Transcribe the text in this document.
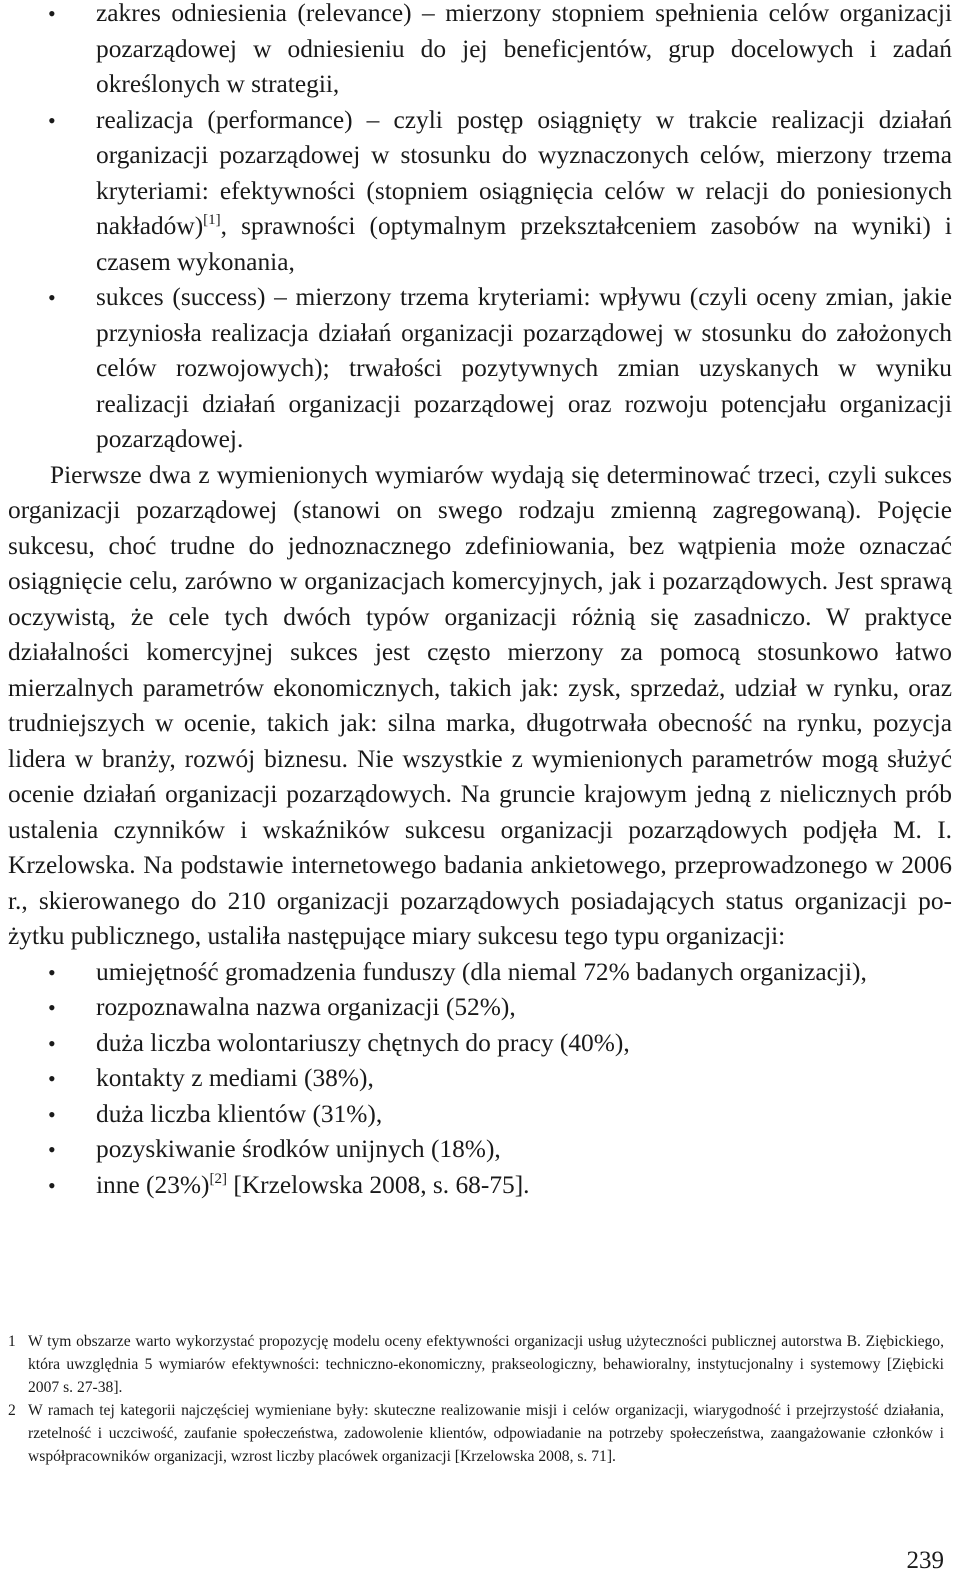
• zakres odniesienia (relevance) – mierzony stopniem spełnienia celów organizacji pozarządowej w odniesieniu do jej beneficjentów, grup docelowych i zadań określonych w strategii,
• realizacja (performance) – czyli postęp osiągnięty w trakcie realizacji działań organizacji pozarządowej w stosunku do wyznaczonych celów, mierzony trzema kryteriami: efektywności (stopniem osiągnięcia celów w relacji do poniesionych nakładów)[1], sprawności (optymalnym przekształceniem zasobów na wyniki) i czasem wykonania,
• sukces (success) – mierzony trzema kryteriami: wpływu (czyli oceny zmian, jakie przyniosła realizacja działań organizacji pozarządowej w stosunku do założonych celów rozwojowych); trwałości pozytywnych zmian uzyskanych w wyniku realizacji działań organizacji pozarządowej oraz rozwoju potencjału organizacji pozarządowej.

Pierwsze dwa z wymienionych wymiarów wydają się determinować trzeci, czyli sukces organizacji pozarządowej (stanowi on swego rodzaju zmienną zagregowaną). Pojęcie sukcesu, choć trudne do jednoznacznego zdefiniowania, bez wątpienia może oznaczać osiągnięcie celu, zarówno w organizacjach komercyjnych, jak i pozarządowych. Jest sprawą oczywistą, że cele tych dwóch typów organizacji różnią się zasadniczo. W praktyce działalności komercyjnej sukces jest często mierzony za pomocą stosunkowo łatwo mierzalnych parametrów ekonomicznych, takich jak: zysk, sprzedaż, udział w rynku, oraz trudniejszych w ocenie, takich jak: silna marka, długotrwała obecność na rynku, pozycja lidera w branży, rozwój biznesu. Nie wszystkie z wymienionych parametrów mogą służyć ocenie działań organizacji pozarządowych. Na gruncie krajowym jedną z nielicznych prób ustalenia czynników i wskaźników sukcesu organizacji pozarządowych podjęła M. I. Krzelowska. Na podstawie internetowego badania ankietowego, przeprowadzonego w 2006 r., skierowanego do 210 organizacji pozarządowych posiadających status organizacji pożytku publicznego, ustaliła następujące miary sukcesu tego typu organizacji:

• umiejętność gromadzenia funduszy (dla niemal 72% badanych organizacji),
• rozpoznawalna nazwa organizacji (52%),
• duża liczba wolontariuszy chętnych do pracy (40%),
• kontakty z mediami (38%),
• duża liczba klientów (31%),
• pozyskiwanie środków unijnych (18%),
• inne (23%)[2] [Krzelowska 2008, s. 68-75].
1 W tym obszarze warto wykorzystać propozycję modelu oceny efektywności organizacji usług użyteczności publicznej autorstwa B. Ziębickiego, która uwzględnia 5 wymiarów efektywności: techniczno-ekonomiczny, prakseologiczny, behawioralny, instytucjonalny i systemowy [Ziębicki 2007 s. 27-38].
2 W ramach tej kategorii najczęściej wymieniane były: skuteczne realizowanie misji i celów organizacji, wiarygodność i przejrzystość działania, rzetelność i uczciwość, zaufanie społeczeństwa, zadowolenie klientów, odpowiadanie na potrzeby społeczeństwa, zaangażowanie członków i współpracowników organizacji, wzrost liczby placówek organizacji [Krzelowska 2008, s. 71].
239
